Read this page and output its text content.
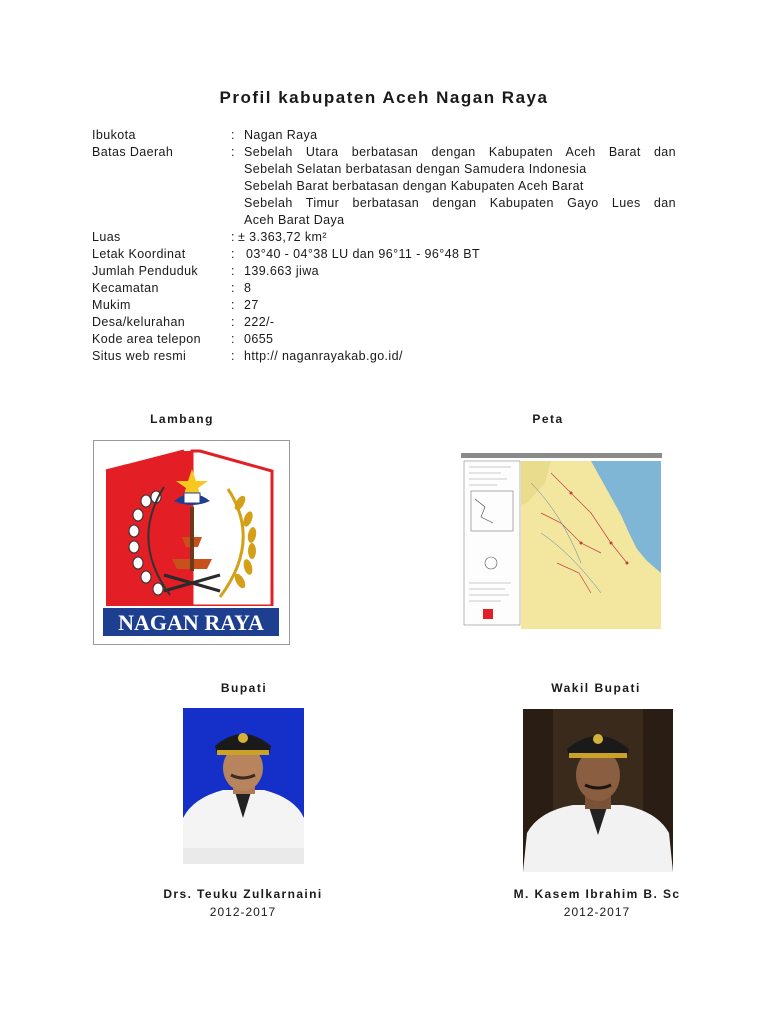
Profil kabupaten Aceh Nagan Raya
Ibukota	: Nagan Raya
Batas Daerah	: Sebelah Utara berbatasan dengan Kabupaten Aceh Barat dan
Sebelah Selatan berbatasan dengan Samudera Indonesia
Sebelah Barat berbatasan dengan Kabupaten Aceh Barat
Sebelah Timur berbatasan dengan Kabupaten Gayo Lues dan
Aceh Barat Daya
Luas	: ± 3.363,72 km²
Letak Koordinat	: 03°40 - 04°38 LU dan 96°11 - 96°48 BT
Jumlah Penduduk	: 139.663 jiwa
Kecamatan	: 8
Mukim	: 27
Desa/kelurahan	: 222/-
Kode area telepon : 0655
Situs web resmi	: http:// naganrayakab.go.id/
Lambang	Peta
NAGAN RAYA
Bupati	Wakil Bupati
Drs. Teuku Zulkarnaini
2012-2017
M. Kasem Ibrahim B. Sc
2012-2017
